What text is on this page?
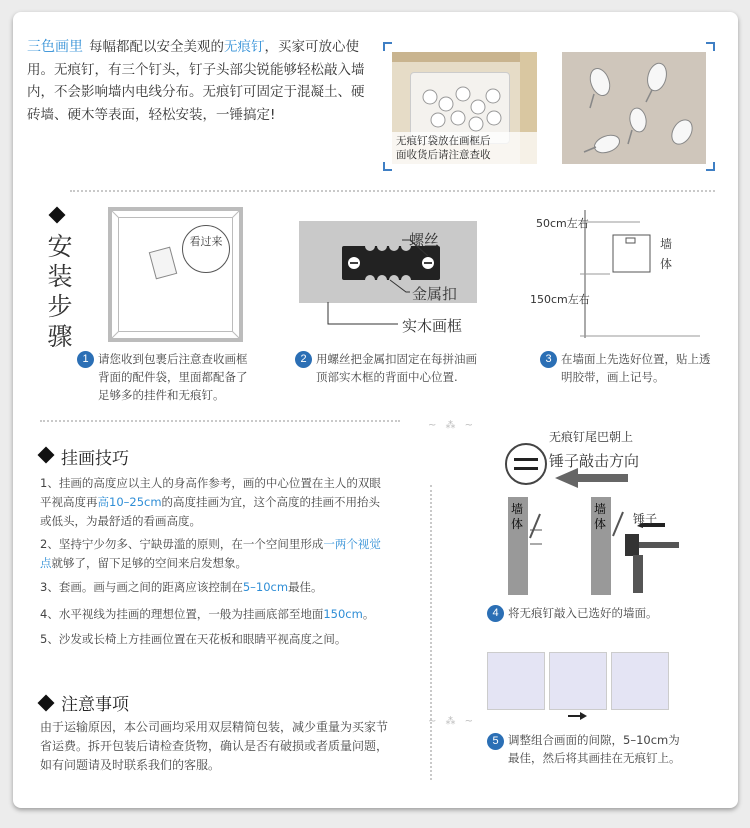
三色画里 每幅都配以安全美观的无痕钉，买家可放心使用。无痕钉，有三个钉头，钉子头部尖锐能够轻松敲入墙内，不会影响墙内电线分布。无痕钉可固定于混凝土、硬砖墙、硬木等表面，轻松安装，一锤搞定!
无痕钉袋放在画框后
面收货后请注意查收
安
装
步
骤
看过来
1 请您收到包裹后注意查收画框背面的配件袋，里面都配备了足够多的挂件和无痕钉。
螺丝
金属扣
实木画框
2 用螺丝把金属扣固定在每拼油画顶部实木框的背面中心位置.
50cm左右
150cm左右
墙体
3 在墙面上先选好位置，贴上透明胶带，画上记号。
挂画技巧
1、挂画的高度应以主人的身高作参考，画的中心位置在主人的双眼平视高度再高10–25cm的高度挂画为宜，这个高度的挂画不用抬头或低头，为最舒适的看画高度。
2、坚持宁少勿多、宁缺毋滥的原则，在一个空间里形成一两个视觉点就够了，留下足够的空间来启发想象。
3、套画。画与画之间的距离应该控制在5–10cm最佳。
4、水平视线为挂画的理想位置，一般为挂画底部至地面150cm。
5、沙发或长椅上方挂画位置在天花板和眼睛平视高度之间。
~ ⁂ ~
无痕钉尾巴朝上
锤子敲击方向
墙体
墙体 锤子
4 将无痕钉敲入已选好的墙面。
~ ⁂ ~
5 调整组合画面的间隙，5–10cm为最佳，然后将其画挂在无痕钉上。
注意事项
由于运输原因，本公司画均采用双层精简包装，减少重量为买家节省运费。拆开包装后请检查货物，确认是否有破损或者质量问题，如有问题请及时联系我们的客服。
